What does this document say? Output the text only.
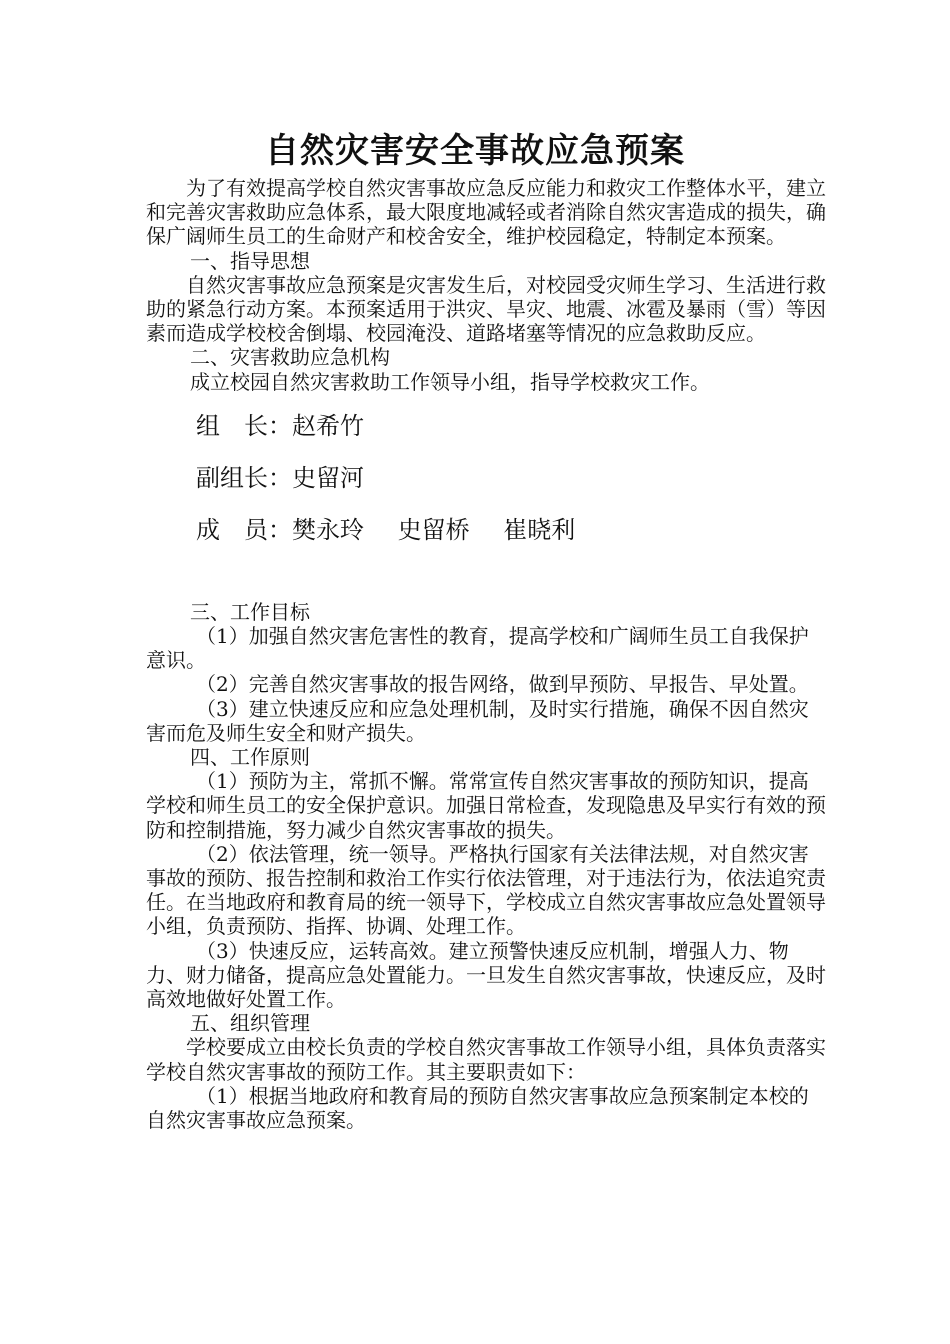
自然灾害安全事故应急预案

为了有效提高学校自然灾害事故应急反应能力和救灾工作整体水平，建立和完善灾害救助应急体系，最大限度地减轻或者消除自然灾害造成的损失，确保广阔师生员工的生命财产和校舍安全，维护校园稳定，特制定本预案。

一、指导思想

自然灾害事故应急预案是灾害发生后，对校园受灾师生学习、生活进行救助的紧急行动方案。本预案适用于洪灾、旱灾、地震、冰雹及暴雨（雪）等因素而造成学校校舍倒塌、校园淹没、道路堵塞等情况的应急救助反应。

二、灾害救助应急机构

成立校园自然灾害救助工作领导小组，指导学校救灾工作。

组　长： 赵希竹
副组长： 史留河
成　员： 樊永玲 史留桥 崔晓利

三、工作目标

（1）加强自然灾害危害性的教育，提高学校和广阔师生员工自我保护意识。

（2）完善自然灾害事故的报告网络，做到早预防、早报告、早处置。

（3）建立快速反应和应急处理机制，及时实行措施，确保不因自然灾害而危及师生安全和财产损失。

四、工作原则

（1）预防为主，常抓不懈。常常宣传自然灾害事故的预防知识，提高学校和师生员工的安全保护意识。加强日常检查，发现隐患及早实行有效的预防和控制措施，努力减少自然灾害事故的损失。

（2）依法管理，统一领导。严格执行国家有关法律法规，对自然灾害事故的预防、报告控制和救治工作实行依法管理，对于违法行为，依法追究责任。在当地政府和教育局的统一领导下，学校成立自然灾害事故应急处置领导小组，负责预防、指挥、协调、处理工作。

（3）快速反应，运转高效。建立预警快速反应机制，增强人力、物力、财力储备，提高应急处置能力。一旦发生自然灾害事故，快速反应，及时高效地做好处置工作。

五、组织管理

学校要成立由校长负责的学校自然灾害事故工作领导小组，具体负责落实学校自然灾害事故的预防工作。其主要职责如下：

（1）根据当地政府和教育局的预防自然灾害事故应急预案制定本校的自然灾害事故应急预案。
